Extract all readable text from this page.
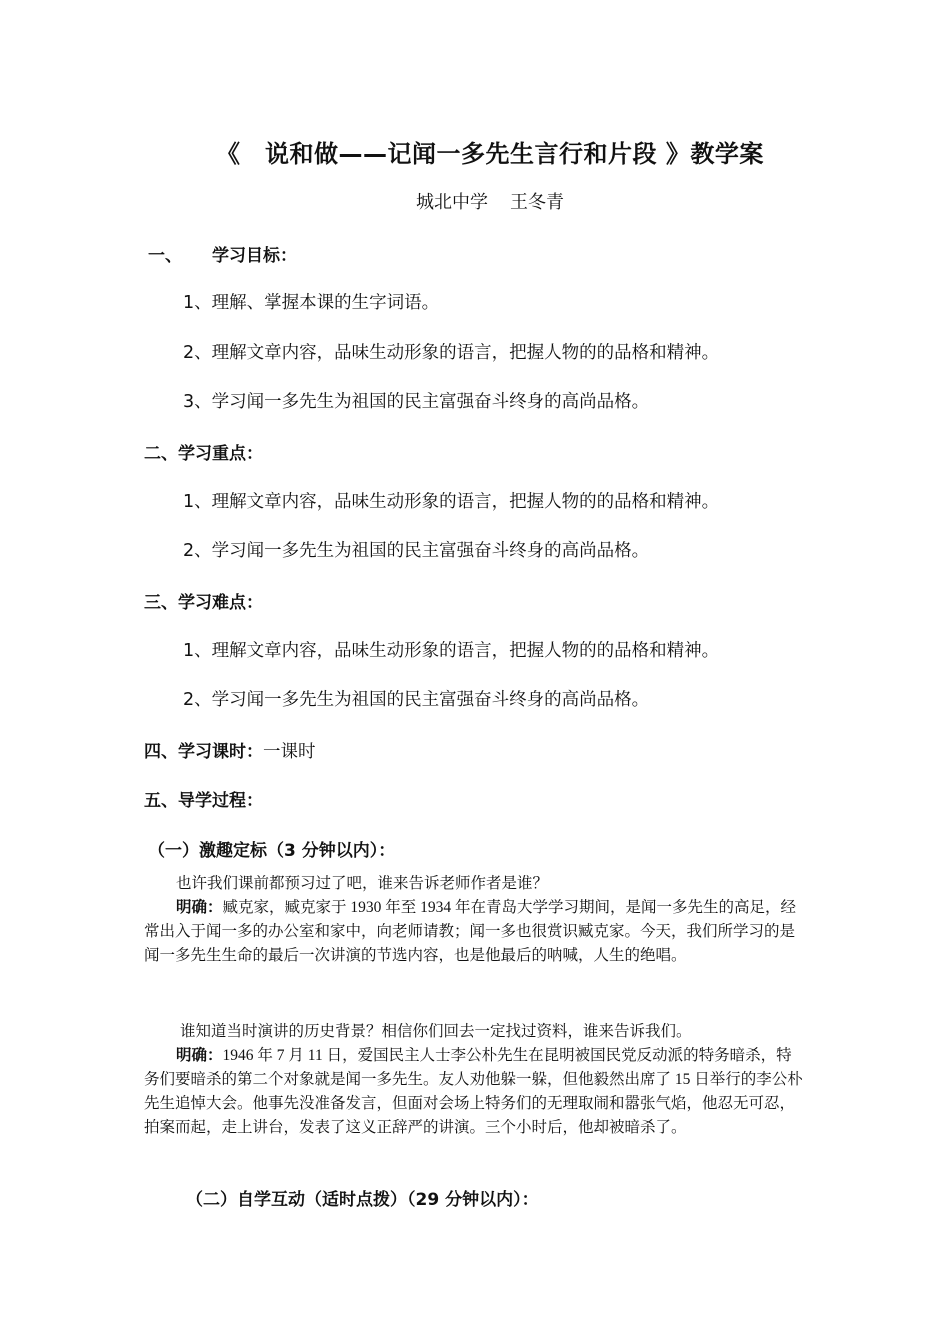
《　说和做——记闻一多先生言行和片段 》教学案
城北中学 王冬青
一、 学习目标：
1、理解、掌握本课的生字词语。
2、理解文章内容，品味生动形象的语言，把握人物的的品格和精神。
3、学习闻一多先生为祖国的民主富强奋斗终身的高尚品格。
二、学习重点：
1、理解文章内容，品味生动形象的语言，把握人物的的品格和精神。
2、学习闻一多先生为祖国的民主富强奋斗终身的高尚品格。
三、学习难点：
1、理解文章内容，品味生动形象的语言，把握人物的的品格和精神。
2、学习闻一多先生为祖国的民主富强奋斗终身的高尚品格。
四、学习课时：一课时
五、导学过程：
（一）激趣定标（3 分钟以内）：
也许我们课前都预习过了吧，谁来告诉老师作者是谁？
明确：臧克家，臧克家于 1930 年至 1934 年在青岛大学学习期间，是闻一多先生的高足，经常出入于闻一多的办公室和家中，向老师请教；闻一多也很赏识臧克家。今天，我们所学习的是闻一多先生生命的最后一次讲演的节选内容，也是他最后的呐喊，人生的绝唱。
谁知道当时演讲的历史背景？相信你们回去一定找过资料，谁来告诉我们。
明确：1946 年 7 月 11 日，爱国民主人士李公朴先生在昆明被国民党反动派的特务暗杀，特务们要暗杀的第二个对象就是闻一多先生。友人劝他躲一躲，但他毅然出席了 15 日举行的李公朴先生追悼大会。他事先没准备发言，但面对会场上特务们的无理取闹和嚣张气焰，他忍无可忍，拍案而起，走上讲台，发表了这义正辞严的讲演。三个小时后，他却被暗杀了。
（二）自学互动（适时点拨）（29 分钟以内）：
